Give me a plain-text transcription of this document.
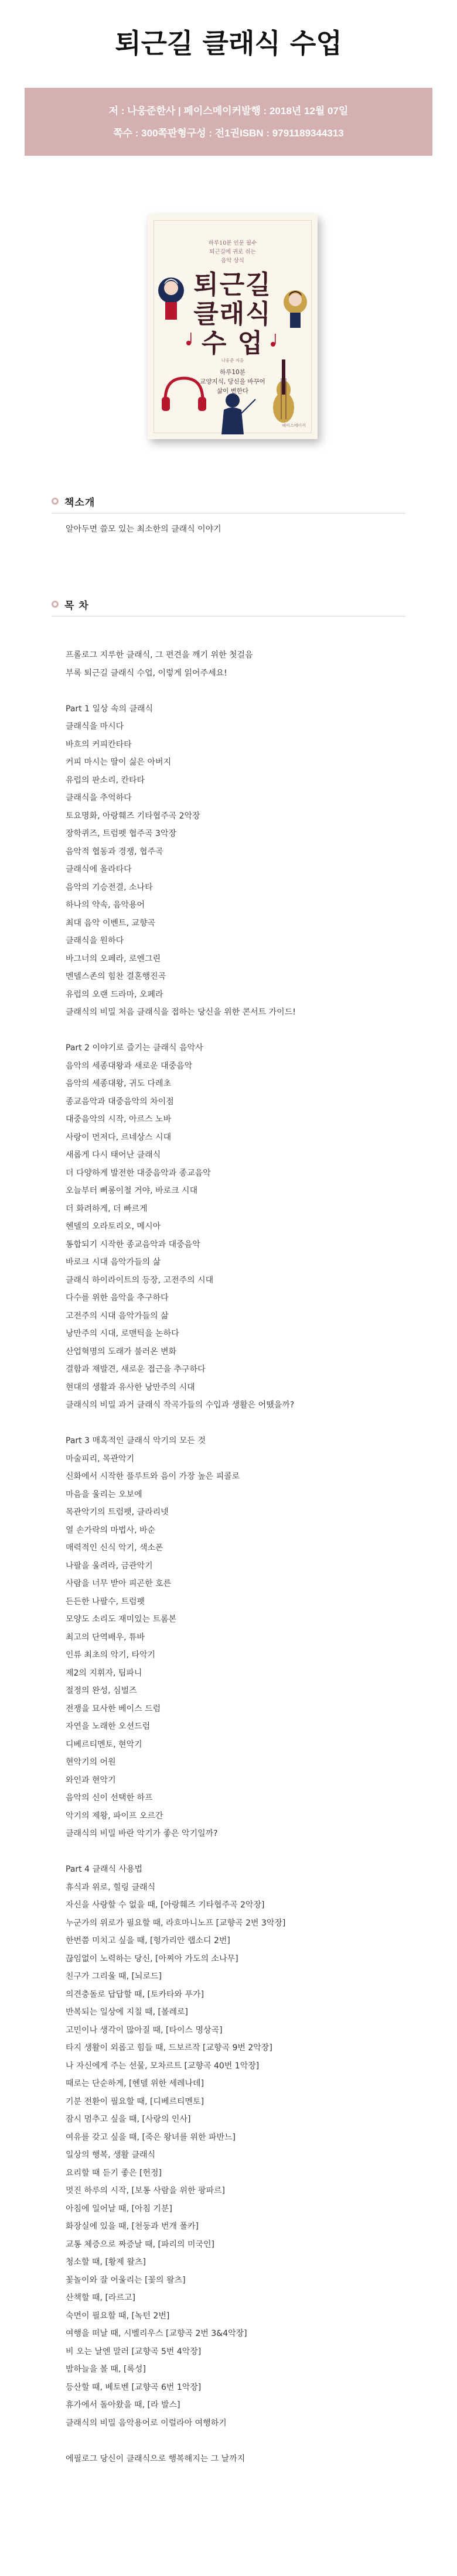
퇴근길 클래식 수업
저 : 나웅준한사 | 페이스메이커발행 : 2018년 12월 07일
쪽수 : 300쪽판형구성 : 전1권ISBN : 9791189344313
하루10분 인문 필수
퇴근길에 귀로 쉬는
음악 상식
퇴근길
클래식
수 업
나웅준 지음
하루10분
교양지식, 당신을 바꾸어
삶이 변한다
페이스메이커
책소개

알아두면 쓸모 있는 최소한의 클래식 이야기

목 차
프롤로그 지루한 클래식, 그 편견을 깨기 위한 첫걸음
부록 퇴근길 클래식 수업, 이렇게 읽어주세요!
Part 1 일상 속의 클래식
클래식을 마시다
바흐의 커피칸타타
커피 마시는 딸이 싫은 아버지
유럽의 판소리, 칸타타
클래식을 추억하다
토요명화, 아랑훼즈 기타협주곡 2악장
장학퀴즈, 트럼펫 협주곡 3악장
음악적 협동과 경쟁, 협주곡
클래식에 올라타다
음악의 기승전결, 소나타
하나의 약속, 음악용어
최대 음악 이벤트, 교향곡
클래식을 원하다
바그너의 오페라, 로엔그린
멘델스존의 힘찬 결혼행진곡
유럽의 오랜 드라마, 오페라
클래식의 비밀 처음 클래식을 접하는 당신을 위한 콘서트 가이드!
Part 2 이야기로 즐기는 클래식 음악사
음악의 세종대왕과 새로운 대중음악
음악의 세종대왕, 귀도 다레초
종교음악과 대중음악의 차이점
대중음악의 시작, 아르스 노바
사랑이 먼저다, 르네상스 시대
새롭게 다시 태어난 클래식
더 다양하게 발전한 대중음악과 종교음악
오늘부터 뻐롱이철 거야, 바로크 시대
더 화려하게, 더 빠르게
헨델의 오라토리오, 메시아
통합되기 시작한 종교음악과 대중음악
바로크 시대 음악가들의 삶
클래식 하이라이트의 등장, 고전주의 시대
다수를 위한 음악을 추구하다
고전주의 시대 음악가들의 삶
낭만주의 시대, 로맨틱을 논하다
산업혁명의 도래가 불러온 변화
결함과 재발견, 새로운 접근을 추구하다
현대의 생활과 유사한 낭만주의 시대
클래식의 비밀 과거 클래식 작곡가들의 수입과 생활은 어땠을까?
Part 3 매혹적인 클래식 악기의 모든 것
마술피리, 목관악기
신화에서 시작한 플루트와 음이 가장 높은 피콜로
마음을 울리는 오보에
목관악기의 트럼펫, 클라리넷
열 손가락의 마법사, 바순
매력적인 신식 악기, 색소폰
나팔을 울려라, 금관악기
사람을 너무 받아 피곤한 호른
든든한 나팔수, 트럼펫
모양도 소리도 재미있는 트롬본
최고의 단역배우, 튜바
인류 최초의 악기, 타악기
제2의 지휘자, 팀파니
절정의 완성, 심벌즈
전쟁을 묘사한 베이스 드럼
자연을 노래한 오션드럼
디베르티멘토, 현악기
현악기의 어원
와인과 현악기
음악의 신이 선택한 하프
악기의 제왕, 파이프 오르간
클래식의 비밀 바란 악기가 좋은 악기일까?
Part 4 클래식 사용법
휴식과 위로, 힐링 클래식
자신을 사랑할 수 없을 때, [아랑훼즈 기타협주곡 2악장]
누군가의 위로가 필요할 때, 라흐마니노프 [교향곡 2번 3악장]
한번쯤 미치고 싶을 때, [헝가리안 랩소디 2번]
끊임없이 노력하는 당신, [아찌아 가도의 소나무]
친구가 그리울 때, [뇌로드]
의견충돌로 답답할 때, [토카타와 푸가]
반복되는 일상에 지칠 때, [볼레로]
고민이나 생각이 많아질 때, [타이스 명상곡]
타지 생활이 외롭고 힘들 때, 드보르작 [교향곡 9번 2악장]
나 자신에게 주는 선물, 모차르트 [교향곡 40번 1악장]
때로는 단순하게, [헨델 위한 세레나데]
기분 전환이 필요할 때, [디베르티멘토]
잠시 멈추고 싶을 때, [사랑의 인사]
여유를 갖고 싶을 때, [죽은 왕녀를 위한 파반느]
일상의 행복, 생활 클래식
요리할 때 듣기 좋은 [헌정]
멋진 하루의 시작, [보통 사람을 위한 팡파르]
아침에 일어날 때, [아침 기분]
화장실에 있을 때, [천둥과 번개 폴카]
교통 체증으로 짜증날 때, [파리의 미국인]
청소할 때, [황제 왈츠]
꽃놀이와 잘 어울리는 [꽃의 왈츠]
산책할 때, [라르고]
숙면이 필요할 때, [녹턴 2번]
여행을 떠날 때, 시벨리우스 [교향곡 2번 3&4악장]
비 오는 날엔 말러 [교향곡 5번 4악장]
밤하늘을 볼 때, [록성]
등산할 때, 베토벤 [교향곡 6번 1악장]
휴가에서 돌아왔을 때, [라 발스]
클래식의 비밀 음악용어로 이럴라아 여행하기
에필로그 당신이 클래식으로 행복해지는 그 날까지
